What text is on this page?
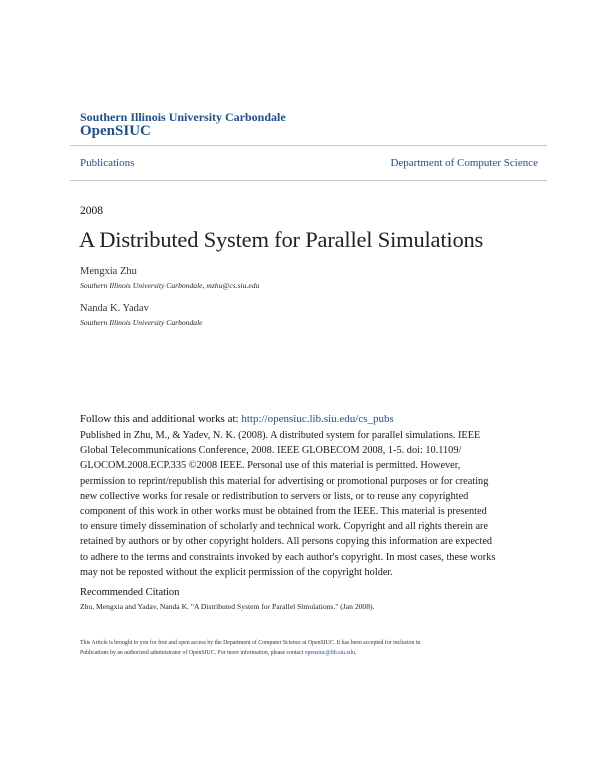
Southern Illinois University Carbondale
OpenSIUC
Publications	Department of Computer Science
2008
A Distributed System for Parallel Simulations
Mengxia Zhu
Southern Illinois University Carbondale, mzhu@cs.siu.edu
Nanda K. Yadav
Southern Illinois University Carbondale
Follow this and additional works at: http://opensiuc.lib.siu.edu/cs_pubs
Published in Zhu, M., & Yadev, N. K. (2008). A distributed system for parallel simulations. IEEE
Global Telecommunications Conference, 2008. IEEE GLOBECOM 2008, 1-5. doi: 10.1109/
GLOCOM.2008.ECP.335 ©2008 IEEE. Personal use of this material is permitted. However,
permission to reprint/republish this material for advertising or promotional purposes or for creating
new collective works for resale or redistribution to servers or lists, or to reuse any copyrighted
component of this work in other works must be obtained from the IEEE. This material is presented
to ensure timely dissemination of scholarly and technical work. Copyright and all rights therein are
retained by authors or by other copyright holders. All persons copying this information are expected
to adhere to the terms and constraints invoked by each author's copyright. In most cases, these works
may not be reposted without the explicit permission of the copyright holder.
Recommended Citation
Zhu, Mengxia and Yadav, Nanda K. "A Distributed System for Parallel Simulations." (Jan 2008).
This Article is brought to you for free and open access by the Department of Computer Science at OpenSIUC. It has been accepted for inclusion in
Publications by an authorized administrator of OpenSIUC. For more information, please contact opensiuc@lib.siu.edu.
